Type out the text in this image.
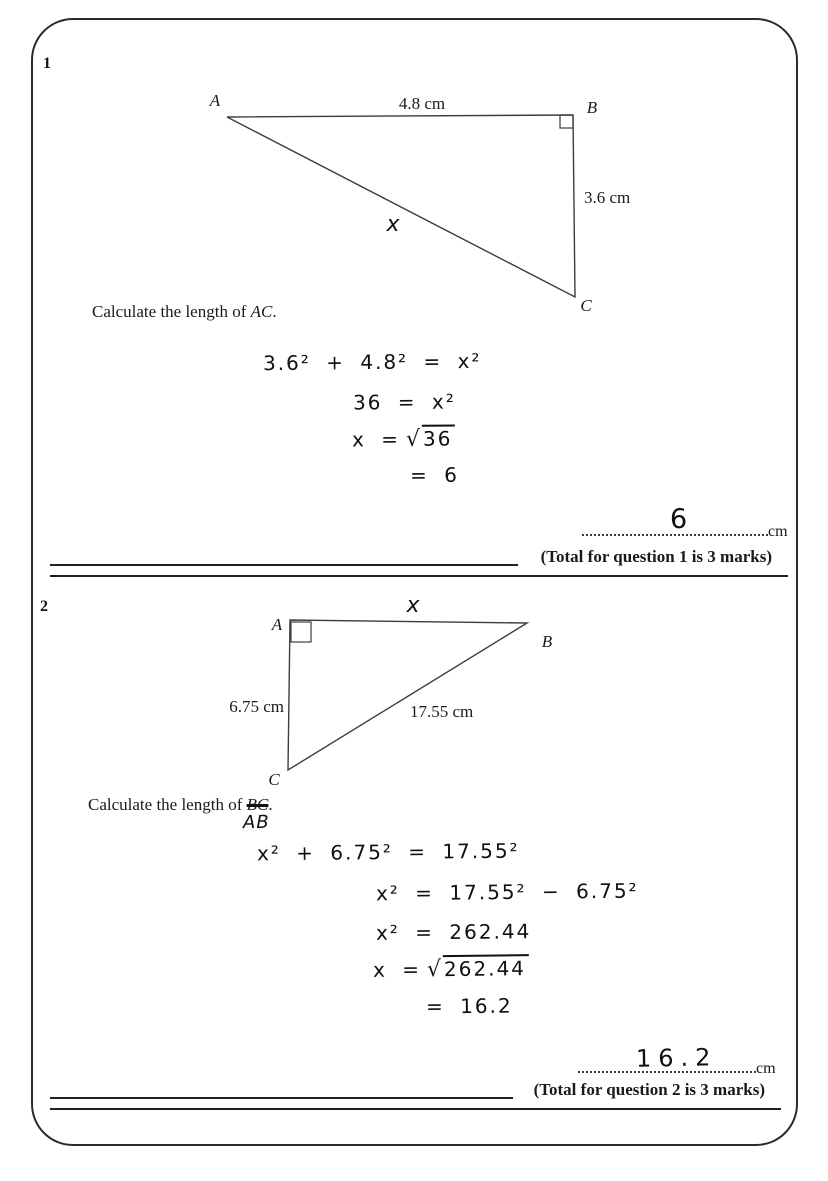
1
A	B
C
4.8 cm
3.6 cm
x
Calculate the length of AC.
3.6² + 4.8² = x²
36 = x²
x = √36
= 6
6	cm
(Total for question 1 is 3 marks)
2
A
B
C
6.75 cm	17.55 cm
x
Calculate the length of BC.
AB
x² + 6.75² = 17.55²
x² = 17.55² − 6.75²
x² = 262.44
x = √262.44
= 16.2
16.2 cm
(Total for question 2 is 3 marks)
